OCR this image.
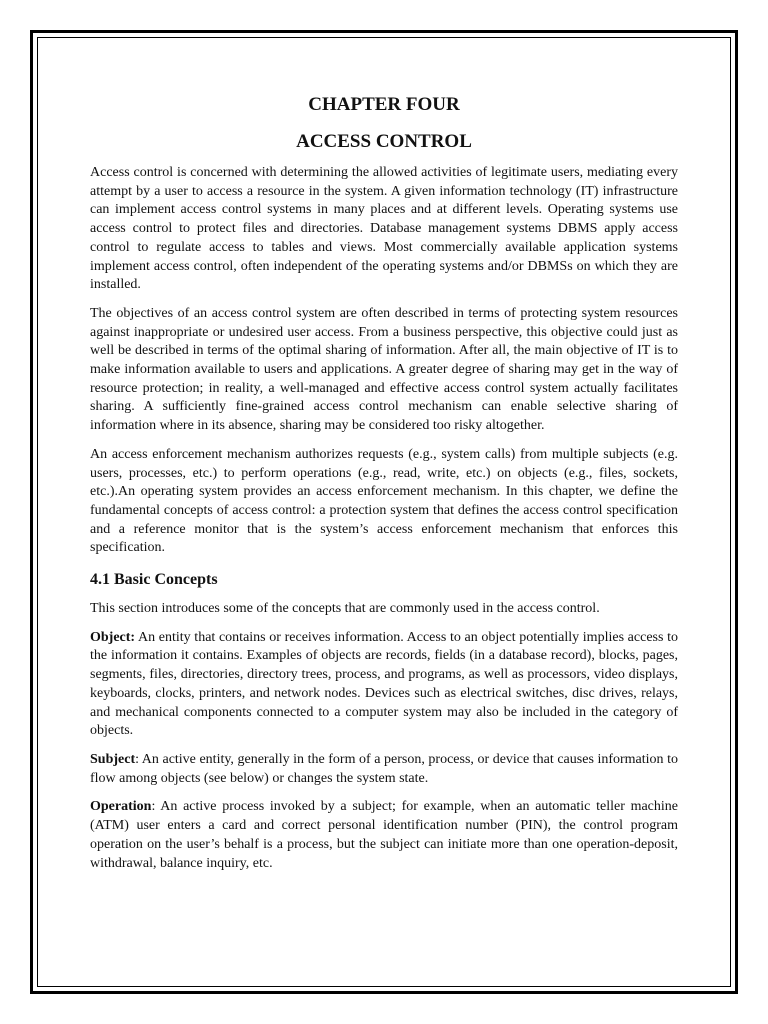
CHAPTER FOUR
ACCESS CONTROL

Access control is concerned with determining the allowed activities of legitimate users, mediating every attempt by a user to access a resource in the system. A given information technology (IT) infrastructure can implement access control systems in many places and at different levels. Operating systems use access control to protect files and directories. Database management systems DBMS apply access control to regulate access to tables and views. Most commercially available application systems implement access control, often independent of the operating systems and/or DBMSs on which they are installed.

The objectives of an access control system are often described in terms of protecting system resources against inappropriate or undesired user access. From a business perspective, this objective could just as well be described in terms of the optimal sharing of information. After all, the main objective of IT is to make information available to users and applications. A greater degree of sharing may get in the way of resource protection; in reality, a well-managed and effective access control system actually facilitates sharing. A sufficiently fine-grained access control mechanism can enable selective sharing of information where in its absence, sharing may be considered too risky altogether.

An access enforcement mechanism authorizes requests (e.g., system calls) from multiple subjects (e.g. users, processes, etc.) to perform operations (e.g., read, write, etc.) on objects (e.g., files, sockets, etc.).An operating system provides an access enforcement mechanism. In this chapter, we define the fundamental concepts of access control: a protection system that defines the access control specification and a reference monitor that is the system’s access enforcement mechanism that enforces this specification.

4.1 Basic Concepts

This section introduces some of the concepts that are commonly used in the access control.

Object: An entity that contains or receives information. Access to an object potentially implies access to the information it contains. Examples of objects are records, fields (in a database record), blocks, pages, segments, files, directories, directory trees, process, and programs, as well as processors, video displays, keyboards, clocks, printers, and network nodes. Devices such as electrical switches, disc drives, relays, and mechanical components connected to a computer system may also be included in the category of objects.

Subject: An active entity, generally in the form of a person, process, or device that causes information to flow among objects (see below) or changes the system state.

Operation: An active process invoked by a subject; for example, when an automatic teller machine (ATM) user enters a card and correct personal identification number (PIN), the control program operation on the user’s behalf is a process, but the subject can initiate more than one operation-deposit, withdrawal, balance inquiry, etc.
